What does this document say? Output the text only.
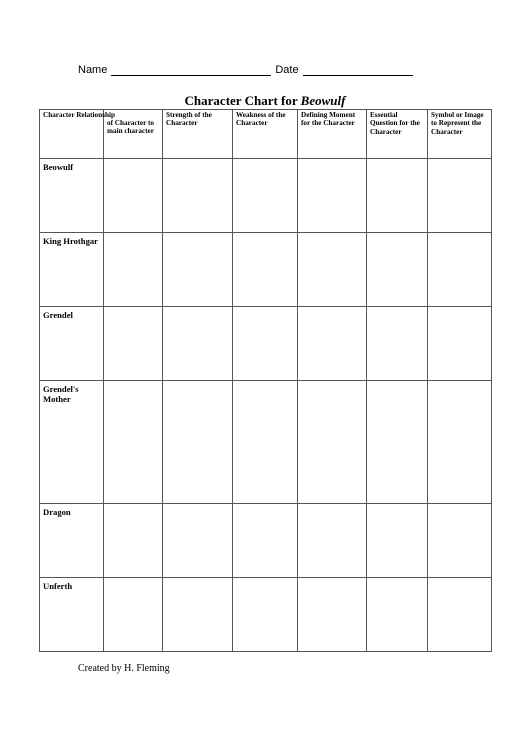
Name	Date
Character Chart for Beowulf
Character Relationship	of Character to main character	Strength of the Character	Weakness of the Character	Defining Moment for the Character	Essential Question for the Character	Symbol or Image to Represent the Character
Beowulf						
King Hrothgar						
Grendel						
Grendel's Mother						
Dragon						
Unferth						
Created by H. Fleming
